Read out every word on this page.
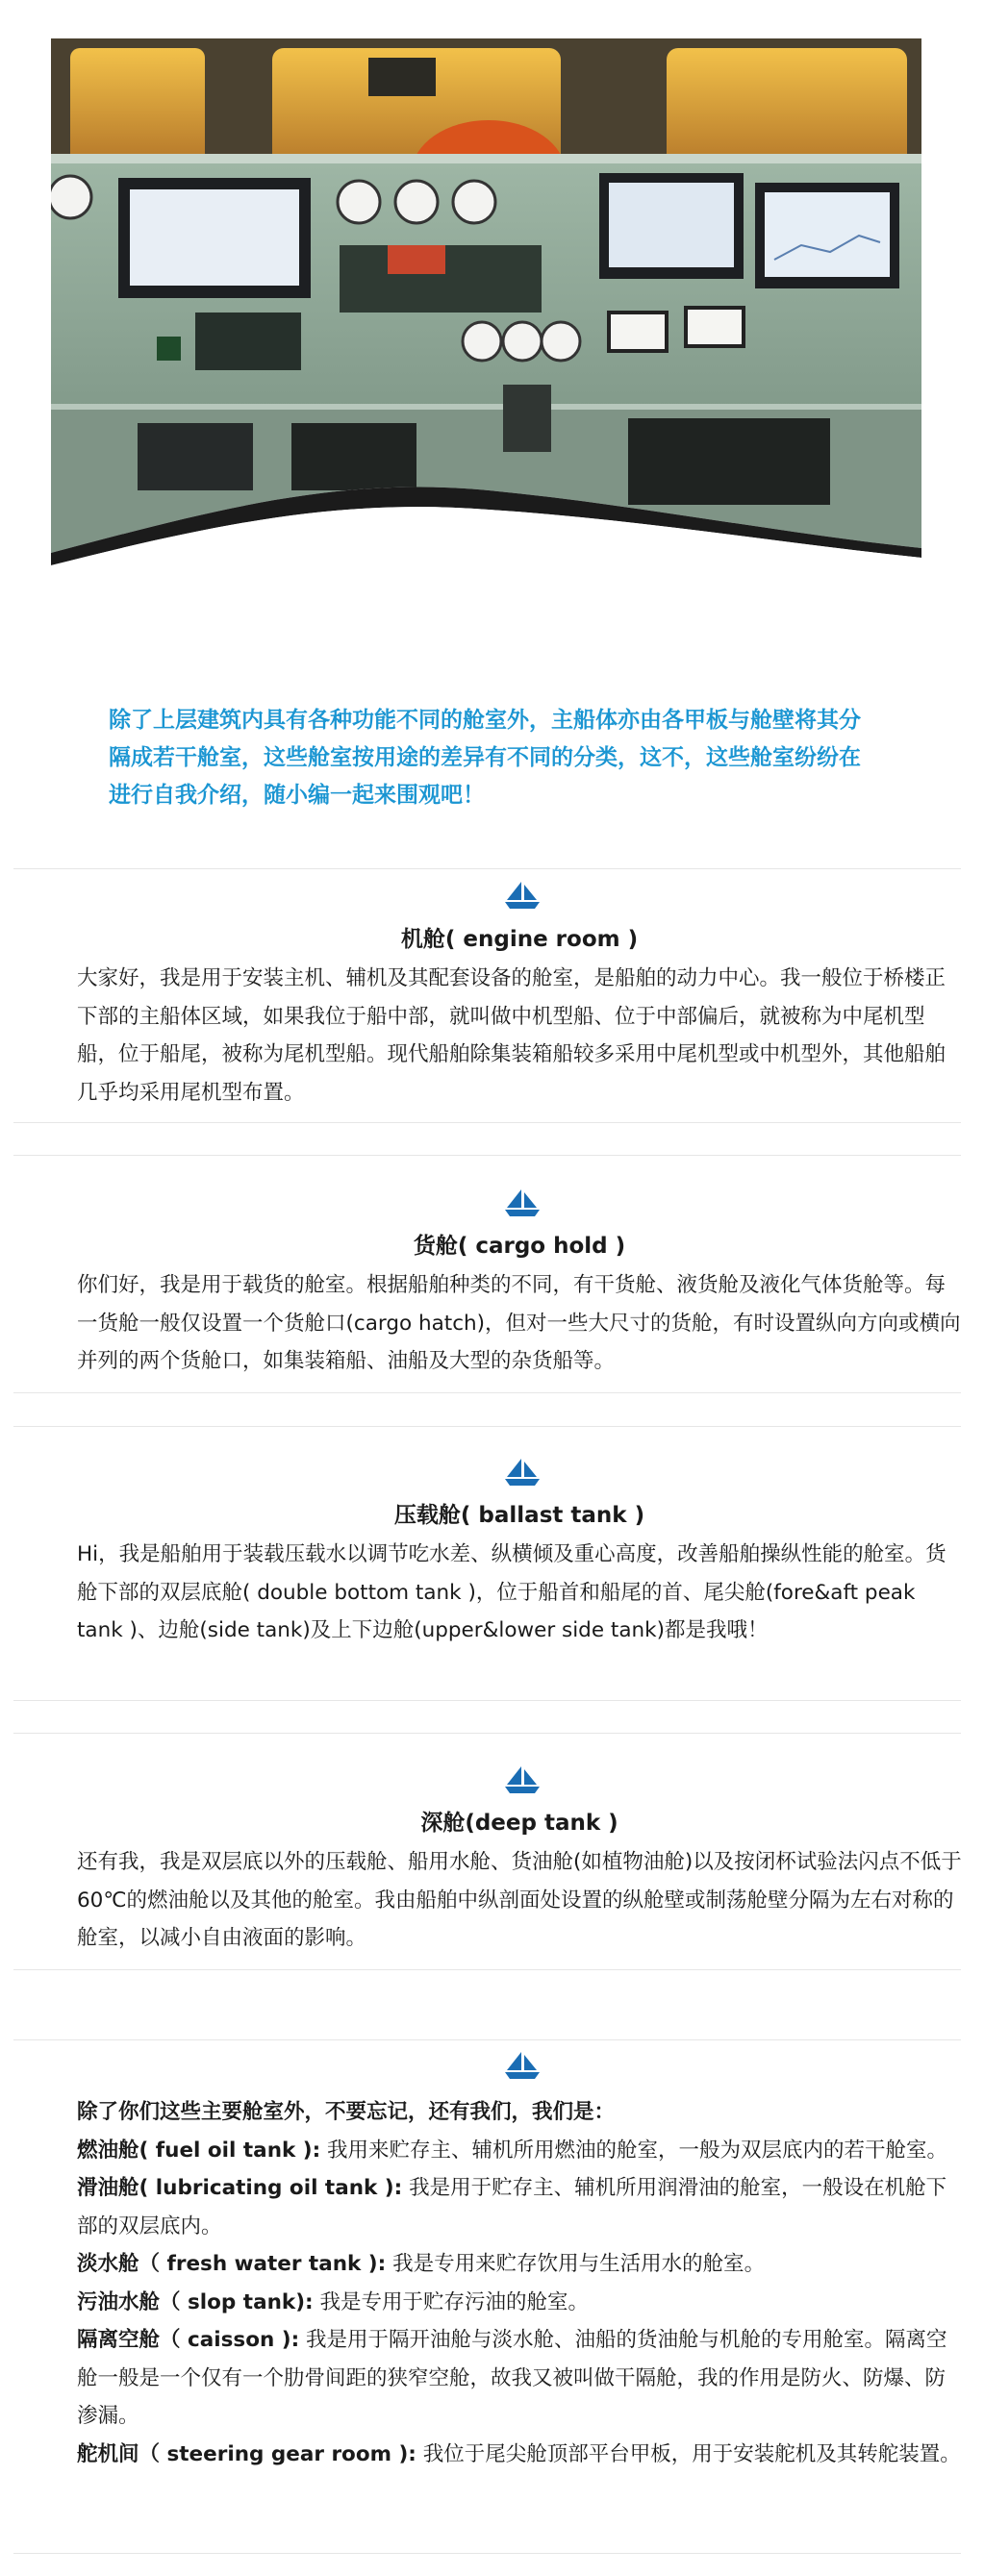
除了上层建筑内具有各种功能不同的舱室外，主船体亦由各甲板与舱壁将其分隔成若干舱室，这些舱室按用途的差异有不同的分类，这不，这些舱室纷纷在进行自我介绍，随小编一起来围观吧！

机舱( engine room )

大家好，我是用于安装主机、辅机及其配套设备的舱室，是船舶的动力中心。我一般位于桥楼正下部的主船体区域，如果我位于船中部，就叫做中机型船、位于中部偏后，就被称为中尾机型船，位于船尾，被称为尾机型船。现代船舶除集装箱船较多采用中尾机型或中机型外，其他船舶几乎均采用尾机型布置。

货舱( cargo hold )

你们好，我是用于载货的舱室。根据船舶种类的不同，有干货舱、液货舱及液化气体货舱等。每一货舱一般仅设置一个货舱口(cargo hatch)，但对一些大尺寸的货舱，有时设置纵向方向或横向并列的两个货舱口，如集装箱船、油船及大型的杂货船等。

压载舱( ballast tank )

Hi，我是船舶用于装载压载水以调节吃水差、纵横倾及重心高度，改善船舶操纵性能的舱室。货舱下部的双层底舱( double bottom tank )，位于船首和船尾的首、尾尖舱(fore&aft peak tank )、边舱(side tank)及上下边舱(upper&lower side tank)都是我哦！

深舱(deep tank )

还有我，我是双层底以外的压载舱、船用水舱、货油舱(如植物油舱)以及按闭杯试验法闪点不低于60℃的燃油舱以及其他的舱室。我由船舶中纵剖面处设置的纵舱壁或制荡舱壁分隔为左右对称的舱室，以减小自由液面的影响。

除了你们这些主要舱室外，不要忘记，还有我们，我们是：
燃油舱( fuel oil tank ): 我用来贮存主、辅机所用燃油的舱室，一般为双层底内的若干舱室。
滑油舱( lubricating oil tank ): 我是用于贮存主、辅机所用润滑油的舱室，一般设在机舱下部的双层底内。
淡水舱（ fresh water tank ): 我是专用来贮存饮用与生活用水的舱室。
污油水舱（ slop tank): 我是专用于贮存污油的舱室。
隔离空舱（ caisson ): 我是用于隔开油舱与淡水舱、油船的货油舱与机舱的专用舱室。隔离空舱一般是一个仅有一个肋骨间距的狭窄空舱，故我又被叫做干隔舱，我的作用是防火、防爆、防渗漏。
舵机间（ steering gear room ): 我位于尾尖舱顶部平台甲板，用于安装舵机及其转舵装置。
